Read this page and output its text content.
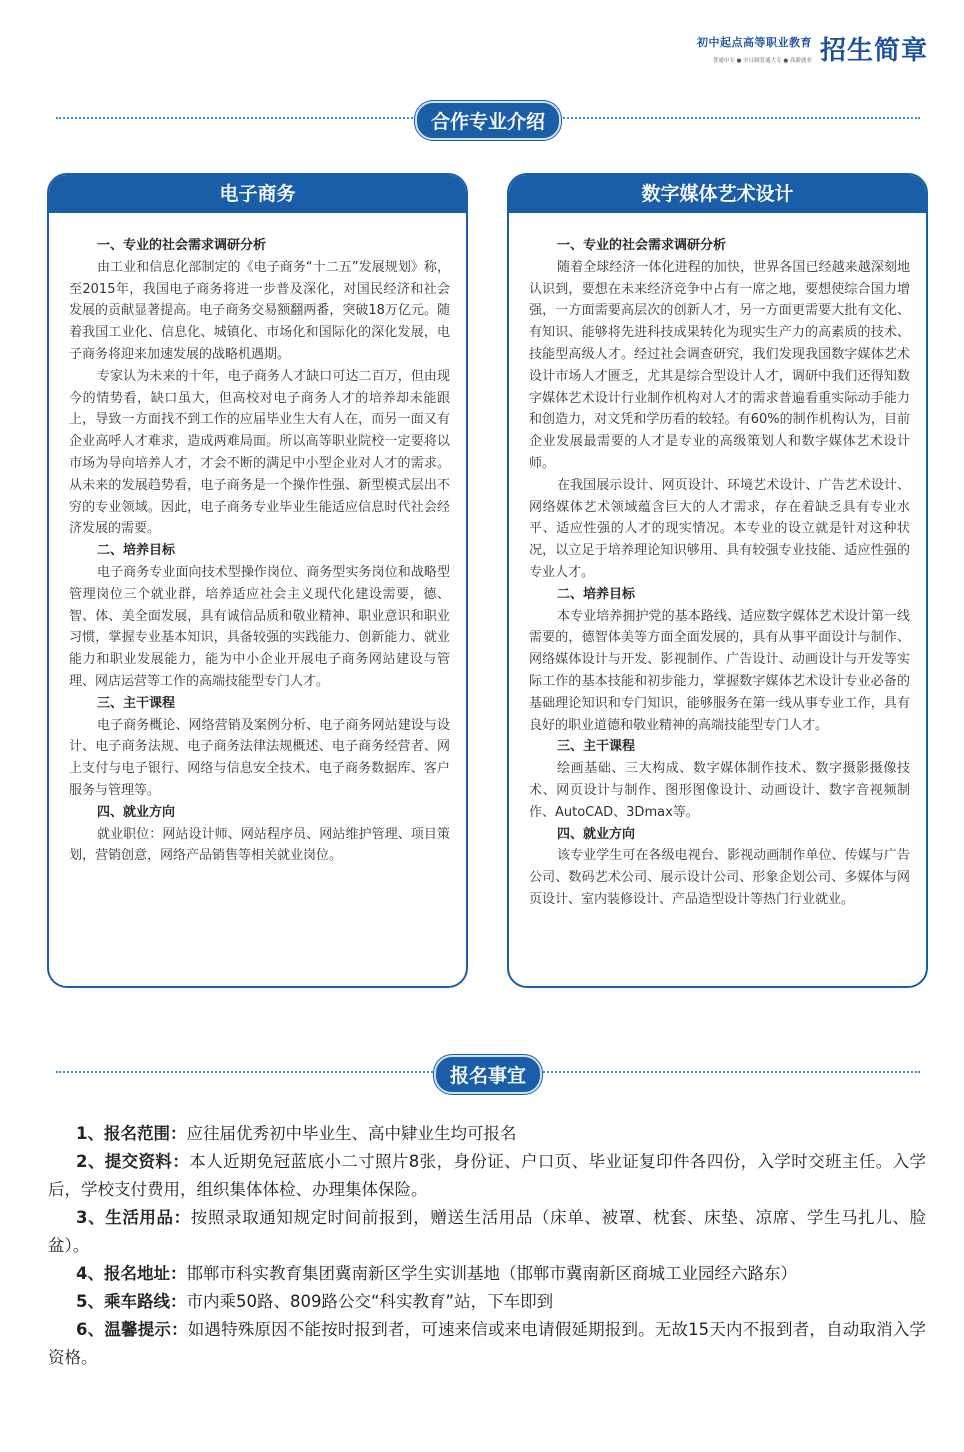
初中起点高等职业教育
普通中专 ● 全日制普通大专 ● 高薪就业 招生简章
合作专业介绍
电子商务
一、专业的社会需求调研分析

由工业和信息化部制定的《电子商务“十二五”发展规划》称，至2015年，我国电子商务将进一步普及深化，对国民经济和社会发展的贡献显著提高。电子商务交易额翻两番，突破18万亿元。随着我国工业化、信息化、城镇化、市场化和国际化的深化发展，电子商务将迎来加速发展的战略机遇期。

专家认为未来的十年，电子商务人才缺口可达二百万，但由现今的情势看，缺口虽大，但高校对电子商务人才的培养却未能跟上，导致一方面找不到工作的应届毕业生大有人在，而另一面又有企业高呼人才难求，造成两难局面。所以高等职业院校一定要将以市场为导向培养人才，才会不断的满足中小型企业对人才的需求。从未来的发展趋势看，电子商务是一个操作性强、新型模式层出不穷的专业领域。因此，电子商务专业毕业生能适应信息时代社会经济发展的需要。

二、培养目标

电子商务专业面向技术型操作岗位、商务型实务岗位和战略型管理岗位三个就业群，培养适应社会主义现代化建设需要，德、智、体、美全面发展，具有诚信品质和敬业精神、职业意识和职业习惯，掌握专业基本知识，具备较强的实践能力、创新能力、就业能力和职业发展能力，能为中小企业开展电子商务网站建设与管理、网店运营等工作的高端技能型专门人才。

三、主干课程

电子商务概论、网络营销及案例分析、电子商务网站建设与设计、电子商务法规、电子商务法律法规概述、电子商务经营者、网上支付与电子银行、网络与信息安全技术、电子商务数据库、客户服务与管理等。

四、就业方向

就业职位：网站设计师、网站程序员、网站维护管理、项目策划，营销创意，网络产品销售等相关就业岗位。

数字媒体艺术设计
一、专业的社会需求调研分析

随着全球经济一体化进程的加快，世界各国已经越来越深刻地认识到，要想在未来经济竞争中占有一席之地，要想使综合国力增强，一方面需要高层次的创新人才，另一方面更需要大批有文化、有知识、能够将先进科技成果转化为现实生产力的高素质的技术、技能型高级人才。经过社会调查研究，我们发现我国数字媒体艺术设计市场人才匮乏，尤其是综合型设计人才，调研中我们还得知数字媒体艺术设计行业制作机构对人才的需求普遍看重实际动手能力和创造力，对文凭和学历看的较轻。有60%的制作机构认为，目前企业发展最需要的人才是专业的高级策划人和数字媒体艺术设计师。

在我国展示设计、网页设计、环境艺术设计、广告艺术设计、网络媒体艺术领域蕴含巨大的人才需求，存在着缺乏具有专业水平、适应性强的人才的现实情况。本专业的设立就是针对这种状况，以立足于培养理论知识够用、具有较强专业技能、适应性强的专业人才。

二、培养目标

本专业培养拥护党的基本路线、适应数字媒体艺术设计第一线需要的，德智体美等方面全面发展的，具有从事平面设计与制作、网络媒体设计与开发、影视制作、广告设计、动画设计与开发等实际工作的基本技能和初步能力，掌握数字媒体艺术设计专业必备的基础理论知识和专门知识，能够服务在第一线从事专业工作，具有良好的职业道德和敬业精神的高端技能型专门人才。

三、主干课程

绘画基础、三大构成、数字媒体制作技术、数字摄影摄像技术、网页设计与制作、图形图像设计、动画设计、数字音视频制作、AutoCAD、3Dmax等。

四、就业方向

该专业学生可在各级电视台、影视动画制作单位、传媒与广告公司、数码艺术公司、展示设计公司、形象企划公司、多媒体与网页设计、室内装修设计、产品造型设计等热门行业就业。

报名事宜

1、报名范围：应往届优秀初中毕业生、高中肄业生均可报名

2、提交资料：本人近期免冠蓝底小二寸照片8张，身份证、户口页、毕业证复印件各四份，入学时交班主任。入学后，学校支付费用，组织集体体检、办理集体保险。

3、生活用品：按照录取通知规定时间前报到，赠送生活用品（床单、被罩、枕套、床垫、凉席、学生马扎儿、脸盆）。

4、报名地址：邯郸市科实教育集团冀南新区学生实训基地（邯郸市冀南新区商城工业园经六路东）

5、乘车路线：市内乘50路、809路公交“科实教育”站，下车即到

6、温馨提示：如遇特殊原因不能按时报到者，可速来信或来电请假延期报到。无故15天内不报到者，自动取消入学资格。
